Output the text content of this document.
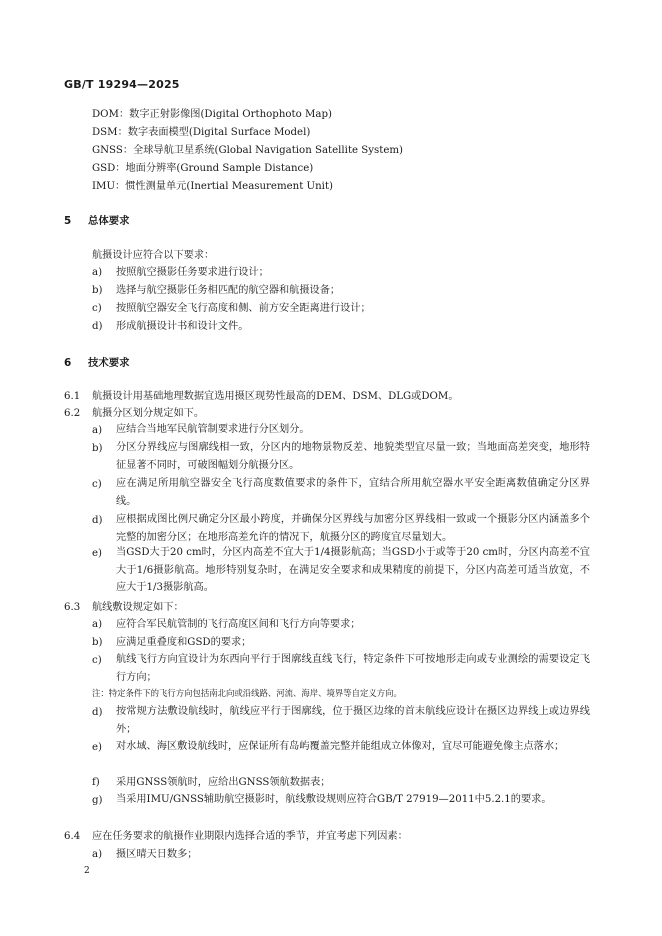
GB/T 19294—2025
DOM：数字正射影像图(Digital Orthophoto Map)
DSM：数字表面模型(Digital Surface Model)
GNSS：全球导航卫星系统(Global Navigation Satellite System)
GSD：地面分辨率(Ground Sample Distance)
IMU：惯性测量单元(Inertial Measurement Unit)
5 总体要求
航摄设计应符合以下要求：
a) 按照航空摄影任务要求进行设计；
b) 选择与航空摄影任务相匹配的航空器和航摄设备；
c) 按照航空器安全飞行高度和侧、前方安全距离进行设计；
d) 形成航摄设计书和设计文件。
6 技术要求
6.1 航摄设计用基础地理数据宜选用摄区现势性最高的DEM、DSM、DLG或DOM。
6.2 航摄分区划分规定如下。
a) 应结合当地军民航管制要求进行分区划分。
b) 分区分界线应与图廓线相一致，分区内的地物景物反差、地貌类型宜尽量一致；当地面高差突变，地形特征显著不同时，可破图幅划分航摄分区。
c) 应在满足所用航空器安全飞行高度数值要求的条件下，宜结合所用航空器水平安全距离数值确定分区界线。
d) 应根据成图比例尺确定分区最小跨度，并确保分区界线与加密分区界线相一致或一个摄影分区内涵盖多个完整的加密分区；在地形高差允许的情况下，航摄分区的跨度宜尽量划大。
e) 当GSD大于20 cm时，分区内高差不宜大于1/4摄影航高；当GSD小于或等于20 cm时，分区内高差不宜大于1/6摄影航高。地形特别复杂时，在满足安全要求和成果精度的前提下，分区内高差可适当放宽，不应大于1/3摄影航高。
6.3 航线敷设规定如下：
a) 应符合军民航管制的飞行高度区间和飞行方向等要求；
b) 应满足重叠度和GSD的要求；
c) 航线飞行方向宜设计为东西向平行于图廓线直线飞行，特定条件下可按地形走向或专业测绘的需要设定飞行方向；
注：特定条件下的飞行方向包括南北向或沿线路、河流、海岸、境界等自定义方向。
d) 按常规方法敷设航线时，航线应平行于图廓线，位于摄区边缘的首末航线应设计在摄区边界线上或边界线外；
e) 对水域、海区敷设航线时，应保证所有岛屿覆盖完整并能组成立体像对，宜尽可能避免像主点落水；
f) 采用GNSS领航时，应给出GNSS领航数据表；
g) 当采用IMU/GNSS辅助航空摄影时，航线敷设规则应符合GB/T 27919—2011中5.2.1的要求。
6.4 应在任务要求的航摄作业期限内选择合适的季节，并宜考虑下列因素：
a) 摄区晴天日数多；
2
